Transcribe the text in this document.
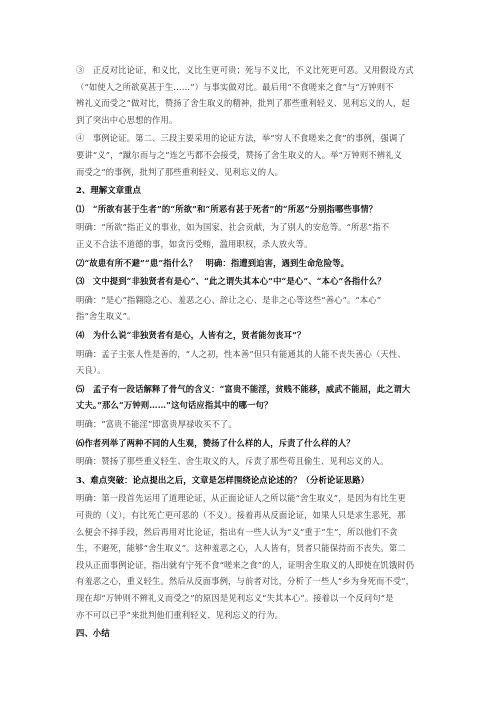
③　正反对比论证，和义比，义比生更可贵；死与不义比，不义比死更可恶。又用假设方式
（“如使人之所欲莫甚于生……”）与事实做对比。最后用“不食嗟来之食”与“万钟则不
辨礼义而受之”做对比，赞扬了舍生取义的精神，批判了那些重利轻义、见利忘义的人，起
到了突出中心思想的作用。
④　事例论证。第二、三段主要采用的论证方法，举“穷人不食嗟来之食”的事例，强调了
要讲“义”，“蹴尔而与之”连乞丐都不会接受，赞扬了舍生取义的人。举“万钟则不辨礼义
而受之”的事例，批判了那些重利轻义、见利忘义的人。
2、理解文章重点
⑴　“所欲有甚于生者”的“所欲”和“所恶有甚于死者”的“所恶”分别指哪些事情？
明确：“所欲”指正义的事业，如为国家、社会贡献，为了别人的安危等。“所恶”指不
正义不合法不道德的事，如贪污受贿，滥用职权，杀人放火等。
⑵“故患有所不避”“患”指什么？　明确：指遭到迫害，遇到生命危险等。
⑶　文中提到“非独贤者有是心”、“此之谓失其本心”中“是心”、“本心”各指什么？
明确：“是心”指翱隐之心、羞恶之心、辞让之心、是非之心等这些“善心”。“本心”
指“舍生取义”。
⑷　为什么说“非独贤者有是心，人皆有之，贤者能勿丧耳”？
明确：孟子主张人性是善的，“人之初，性本善”但只有能通其的人能不丧失善心（天性、
天良）。
⑸　孟子有一段话解释了骨气的含义：“富贵不能淫，贫贱不能移，威武不能屈，此之谓大
丈夫。”那么“万钟则……”这句话应指其中的哪一句？
明确：“富贵不能淫”即富贵厚禄收买不了。
⑹作者列举了两种不同的人生观，赞扬了什么样的人，斥责了什么样的人？
明确：赞扬了那些重义轻生、舍生取义的人，斥责了那些苟且偷生、见利忘义的人。
3、难点突破：论点提出之后，文章是怎样围绕论点论述的？（分析论证思路）
明确：第一段首先运用了道理论证，从正面论证人之所以能“舍生取义”，是因为有比生更
可贵的（义），有比死亡更可恶的（不义）。接着再从反面论证，如果人只是求生恶死，那
么便会不择手段，然后再用对比论证，指出有一些人认为“义”重于“生”，所以他们不贪
生，不避死，能够“舍生取义”。这种羞恶之心，人人皆有，贤者只能保持而不丧失。第二
段从正面事例论证，指出就有宁死不食“嗟来之食”的人，证明舍生取义的人即使在饥饿时仍
有羞恶之心，重义轻生。然后从反面事例，与前者对比，分析了一些人“乡为身死而不受”，
现在却“万钟则不辨礼义而受之”的原因是见利忘义“失其本心”。接着以一个反问句“是
亦不可以已乎”来批判他们重利轻义、见利忘义的行为。
四、小结
